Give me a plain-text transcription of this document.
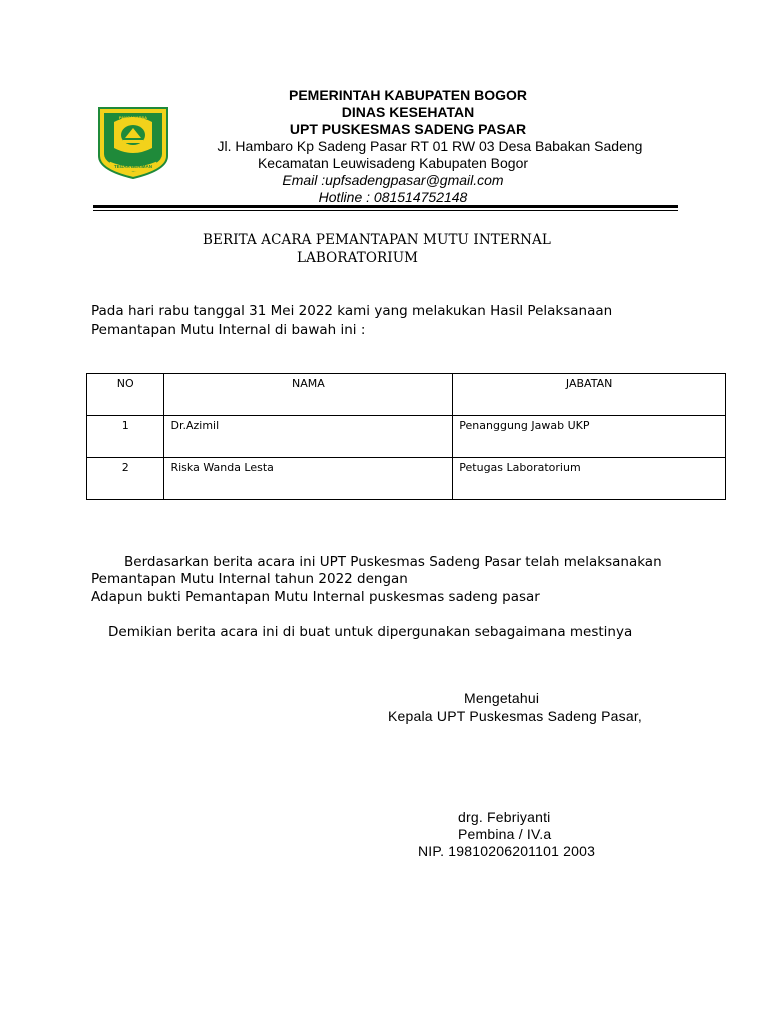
TEGAR BERIMAN
PANCAKARSA
PEMERINTAH KABUPATEN BOGOR
DINAS KESEHATAN
UPT PUSKESMAS SADENG PASAR
Jl. Hambaro Kp Sadeng Pasar RT 01 RW 03 Desa Babakan Sadeng
Kecamatan Leuwisadeng Kabupaten Bogor
Email :upfsadengpasar@gmail.com
Hotline : 081514752148
BERITA ACARA PEMANTAPAN MUTU INTERNAL
LABORATORIUM
Pada hari rabu tanggal 31 Mei 2022 kami yang melakukan Hasil Pelaksanaan
Pemantapan Mutu Internal di bawah ini :
NO	NAMA	JABATAN
1	Dr.Azimil	Penanggung Jawab UKP
2	Riska Wanda Lesta	Petugas Laboratorium
Berdasarkan berita acara ini UPT Puskesmas Sadeng Pasar telah melaksanakan
Pemantapan Mutu Internal tahun 2022 dengan
Adapun bukti Pemantapan Mutu Internal puskesmas sadeng pasar
Demikian berita acara ini di buat untuk dipergunakan sebagaimana mestinya
Mengetahui
Kepala UPT Puskesmas Sadeng Pasar,
drg. Febriyanti
Pembina / IV.a
NIP. 19810206201101 2003
